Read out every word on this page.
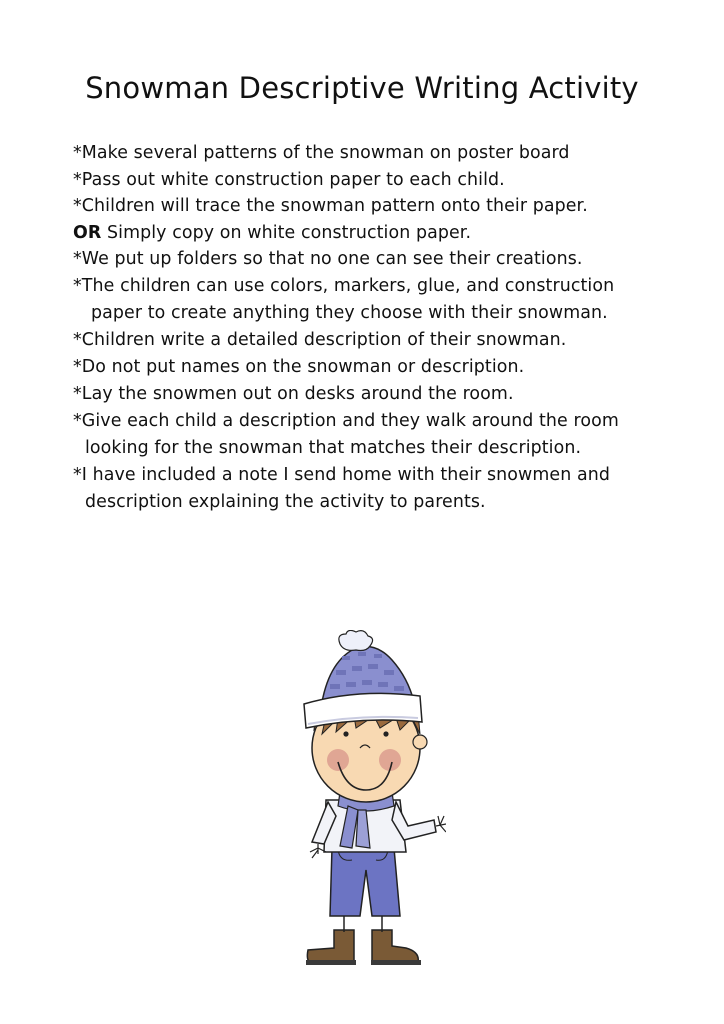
Snowman Descriptive Writing Activity
*Make several patterns of the snowman on poster board
*Pass out white construction paper to each child.
*Children will trace the snowman pattern onto their paper.
OR Simply copy on white construction paper.
*We put up folders so that no one can see their creations.
*The children can use colors, markers, glue, and construction
paper to create anything they choose with their snowman.
*Children write a detailed description of their snowman.
*Do not put names on the snowman or description.
*Lay the snowmen out on desks around the room.
*Give each child a description and they walk around the room
looking for the snowman that matches their description.
*I have included a note I send home with their snowmen and
description explaining the activity to parents.
